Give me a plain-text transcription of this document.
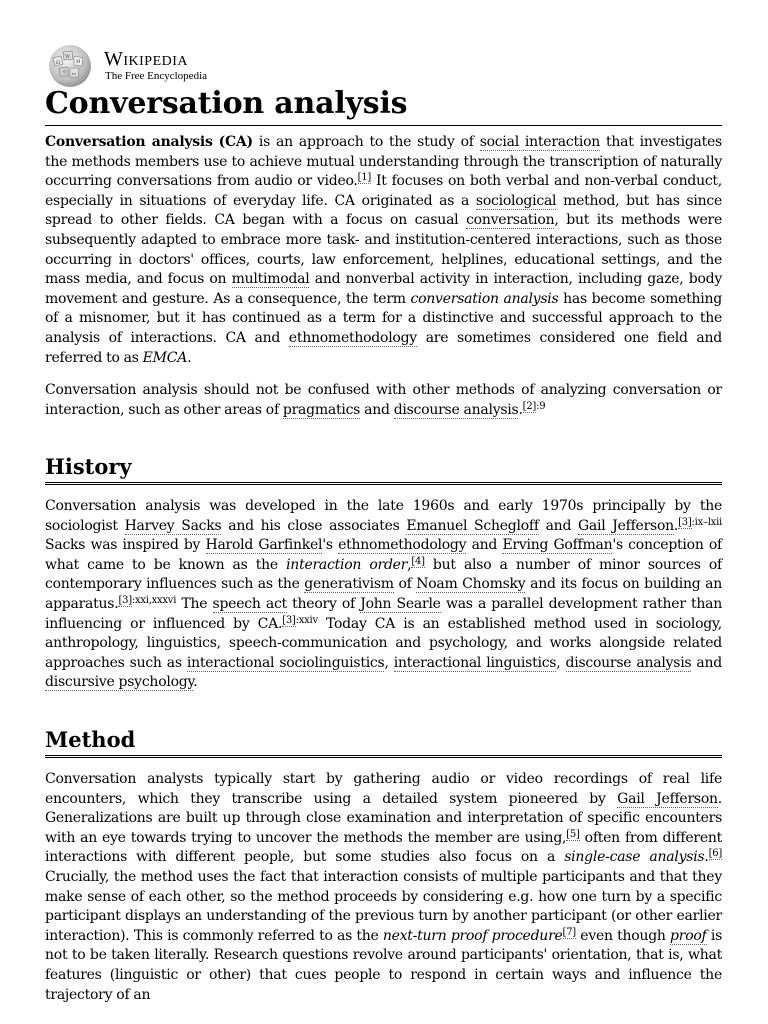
Ω
W
И
ウ ω
Wikipedia
The Free Encyclopedia
Conversation analysis

Conversation analysis (CA) is an approach to the study of social interaction that investigates the methods members use to achieve mutual understanding through the transcription of naturally occurring conversations from audio or video.[1] It focuses on both verbal and non-verbal conduct, especially in situations of everyday life. CA originated as a sociological method, but has since spread to other fields. CA began with a focus on casual conversation, but its methods were subsequently adapted to embrace more task- and institution-centered interactions, such as those occurring in doctors' offices, courts, law enforcement, helplines, educational settings, and the mass media, and focus on multimodal and nonverbal activity in interaction, including gaze, body movement and gesture. As a consequence, the term conversation analysis has become something of a misnomer, but it has continued as a term for a distinctive and successful approach to the analysis of interactions. CA and ethnomethodology are sometimes considered one field and referred to as EMCA.

Conversation analysis should not be confused with other methods of analyzing conversation or interaction, such as other areas of pragmatics and discourse analysis.$^{[2]:9}$

History

Conversation analysis was developed in the late 1960s and early 1970s principally by the sociologist Harvey Sacks and his close associates Emanuel Schegloff and Gail Jefferson.$^{[3]:ix-lxii}$ Sacks was inspired by Harold Garfinkel's ethnomethodology and Erving Goffman's conception of what came to be known as the interaction order,[4] but also a number of minor sources of contemporary influences such as the generativism of Noam Chomsky and its focus on building an apparatus.$^{[3]:xxi,xxxvi}$ The speech act theory of John Searle was a parallel development rather than influencing or influenced by CA.$^{[3]:xxiv}$ Today CA is an established method used in sociology, anthropology, linguistics, speech-communication and psychology, and works alongside related approaches such as interactional sociolinguistics, interactional linguistics, discourse analysis and discursive psychology.

Method

Conversation analysts typically start by gathering audio or video recordings of real life encounters, which they transcribe using a detailed system pioneered by Gail Jefferson. Generalizations are built up through close examination and interpretation of specific encounters with an eye towards trying to uncover the methods the member are using,[5] often from different interactions with different people, but some studies also focus on a single-case analysis.[6] Crucially, the method uses the fact that interaction consists of multiple participants and that they make sense of each other, so the method proceeds by considering e.g. how one turn by a specific participant displays an understanding of the previous turn by another participant (or other earlier interaction). This is commonly referred to as the next-turn proof procedure[7] even though proof is not to be taken literally. Research questions revolve around participants' orientation, that is, what features (linguistic or other) that cues people to respond in certain ways and influence the trajectory of an
